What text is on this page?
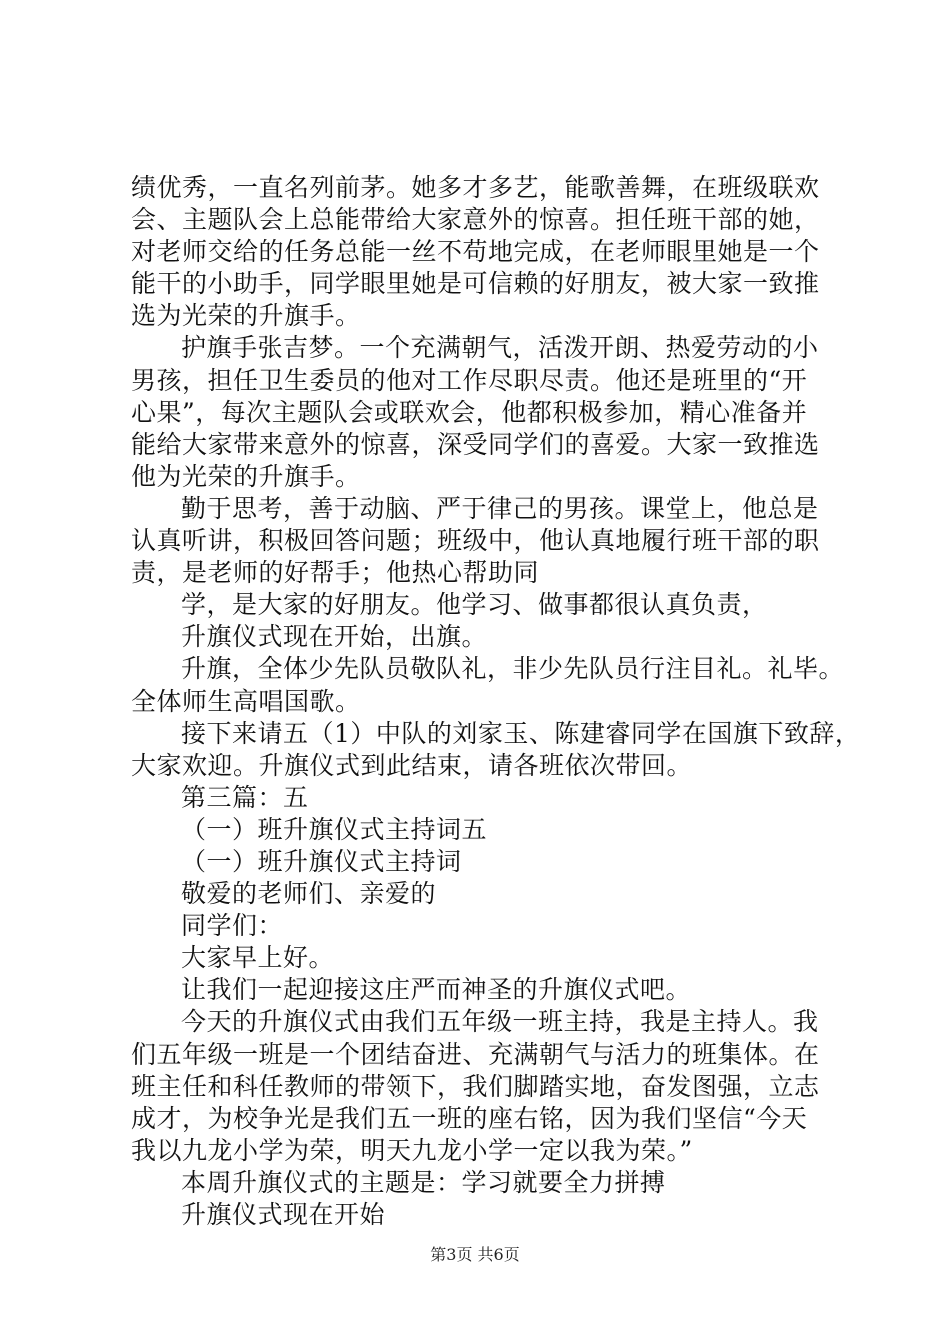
绩优秀，一直名列前茅。她多才多艺，能歌善舞，在班级联欢
会、主题队会上总能带给大家意外的惊喜。担任班干部的她，
对老师交给的任务总能一丝不苟地完成，在老师眼里她是一个
能干的小助手，同学眼里她是可信赖的好朋友，被大家一致推
选为光荣的升旗手。
护旗手张吉梦。一个充满朝气，活泼开朗、热爱劳动的小
男孩，担任卫生委员的他对工作尽职尽责。他还是班里的“开
心果”，每次主题队会或联欢会，他都积极参加，精心准备并
能给大家带来意外的惊喜，深受同学们的喜爱。大家一致推选
他为光荣的升旗手。
勤于思考，善于动脑、严于律己的男孩。课堂上，他总是
认真听讲，积极回答问题；班级中，他认真地履行班干部的职
责，是老师的好帮手；他热心帮助同
学，是大家的好朋友。他学习、做事都很认真负责，
升旗仪式现在开始，出旗。
升旗，全体少先队员敬队礼，非少先队员行注目礼。礼毕。
全体师生高唱国歌。
接下来请五（1）中队的刘家玉、陈建睿同学在国旗下致辞，
大家欢迎。升旗仪式到此结束，请各班依次带回。
第三篇：五
（一）班升旗仪式主持词五
（一）班升旗仪式主持词
敬爱的老师们、亲爱的
同学们：
大家早上好。
让我们一起迎接这庄严而神圣的升旗仪式吧。
今天的升旗仪式由我们五年级一班主持，我是主持人。我
们五年级一班是一个团结奋进、充满朝气与活力的班集体。在
班主任和科任教师的带领下，我们脚踏实地，奋发图强，立志
成才，为校争光是我们五一班的座右铭，因为我们坚信“今天
我以九龙小学为荣，明天九龙小学一定以我为荣。”
本周升旗仪式的主题是：学习就要全力拼搏
升旗仪式现在开始
第3页 共6页
